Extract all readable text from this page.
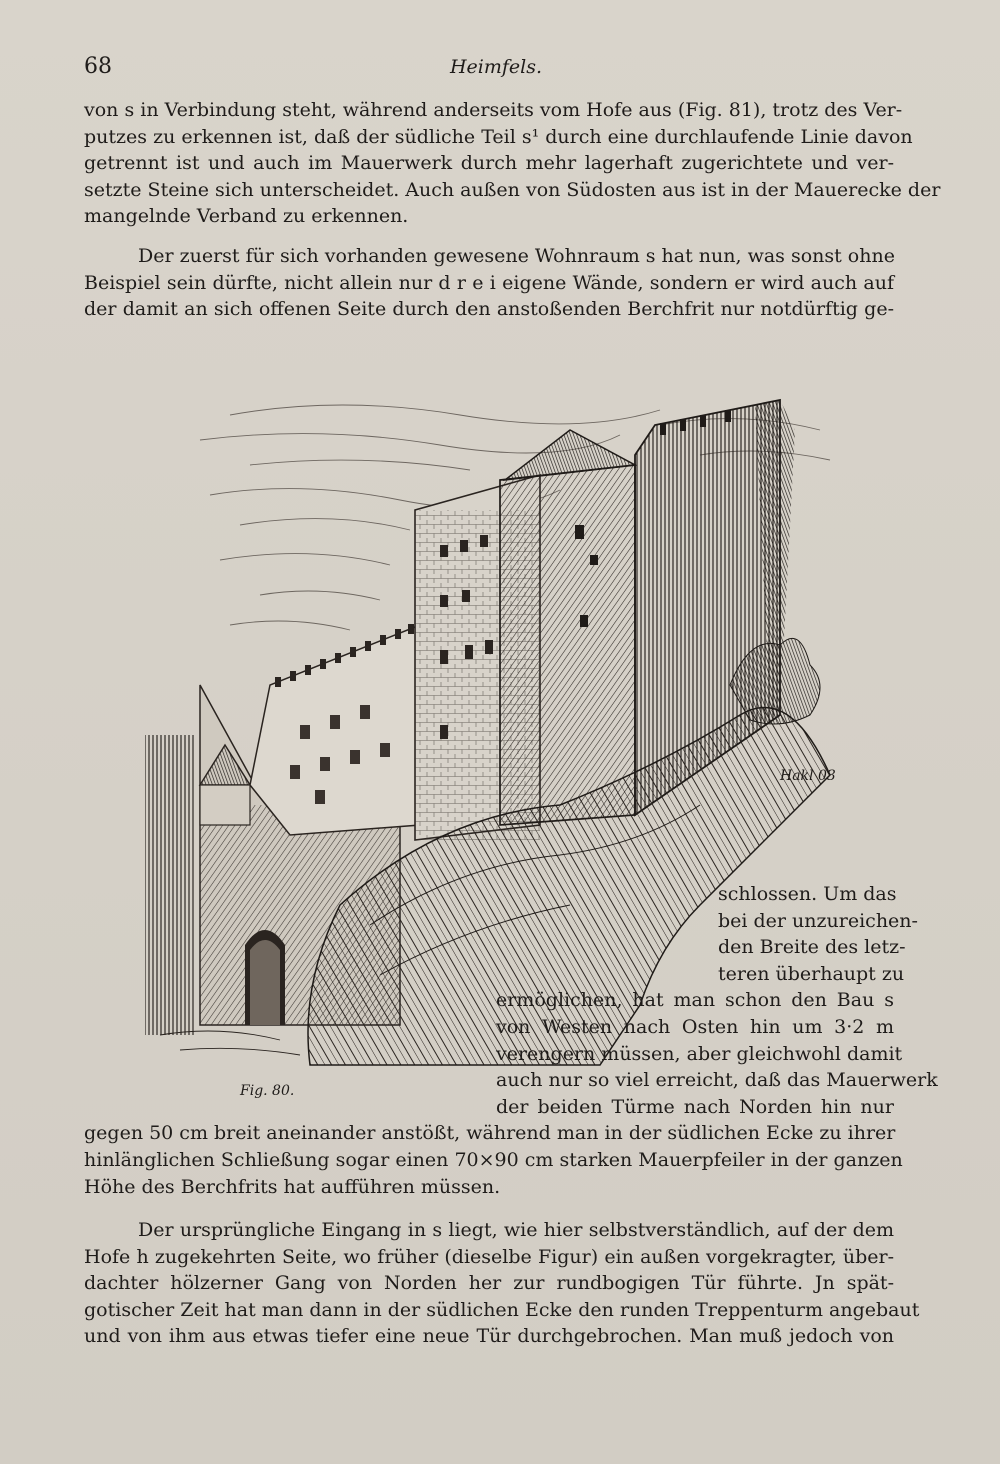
68	Heimfels.
von s in Verbindung steht, während anderseits vom Hofe aus (Fig. 81), trotz des Ver-
putzes zu erkennen ist, daß der südliche Teil s¹ durch eine durchlaufende Linie davon
getrennt ist und auch im Mauerwerk durch mehr lagerhaft zugerichtete und ver-
setzte Steine sich unterscheidet. Auch außen von Südosten aus ist in der Mauerecke der
mangelnde Verband zu erkennen.
Der zuerst für sich vorhanden gewesene Wohnraum s hat nun, was sonst ohne
Beispiel sein dürfte, nicht allein nur d r e i eigene Wände, sondern er wird auch auf
der damit an sich offenen Seite durch den anstoßenden Berchfrit nur notdürftig ge-
Hakl 03
Fig. 80.
schlossen. Um das
bei der unzureichen-
den Breite des letz-
teren überhaupt zu
ermöglichen, hat man schon den Bau s
von Westen nach Osten hin um 3·2 m
verengern müssen, aber gleichwohl damit
auch nur so viel erreicht, daß das Mauerwerk
der beiden Türme nach Norden hin nur
gegen 50 cm breit aneinander anstößt, während man in der südlichen Ecke zu ihrer
hinlänglichen Schließung sogar einen 70×90 cm starken Mauerpfeiler in der ganzen
Höhe des Berchfrits hat aufführen müssen.
Der ursprüngliche Eingang in s liegt, wie hier selbstverständlich, auf der dem
Hofe h zugekehrten Seite, wo früher (dieselbe Figur) ein außen vorgekragter, über-
dachter hölzerner Gang von Norden her zur rundbogigen Tür führte. Jn spät-
gotischer Zeit hat man dann in der südlichen Ecke den runden Treppenturm angebaut
und von ihm aus etwas tiefer eine neue Tür durchgebrochen. Man muß jedoch von
